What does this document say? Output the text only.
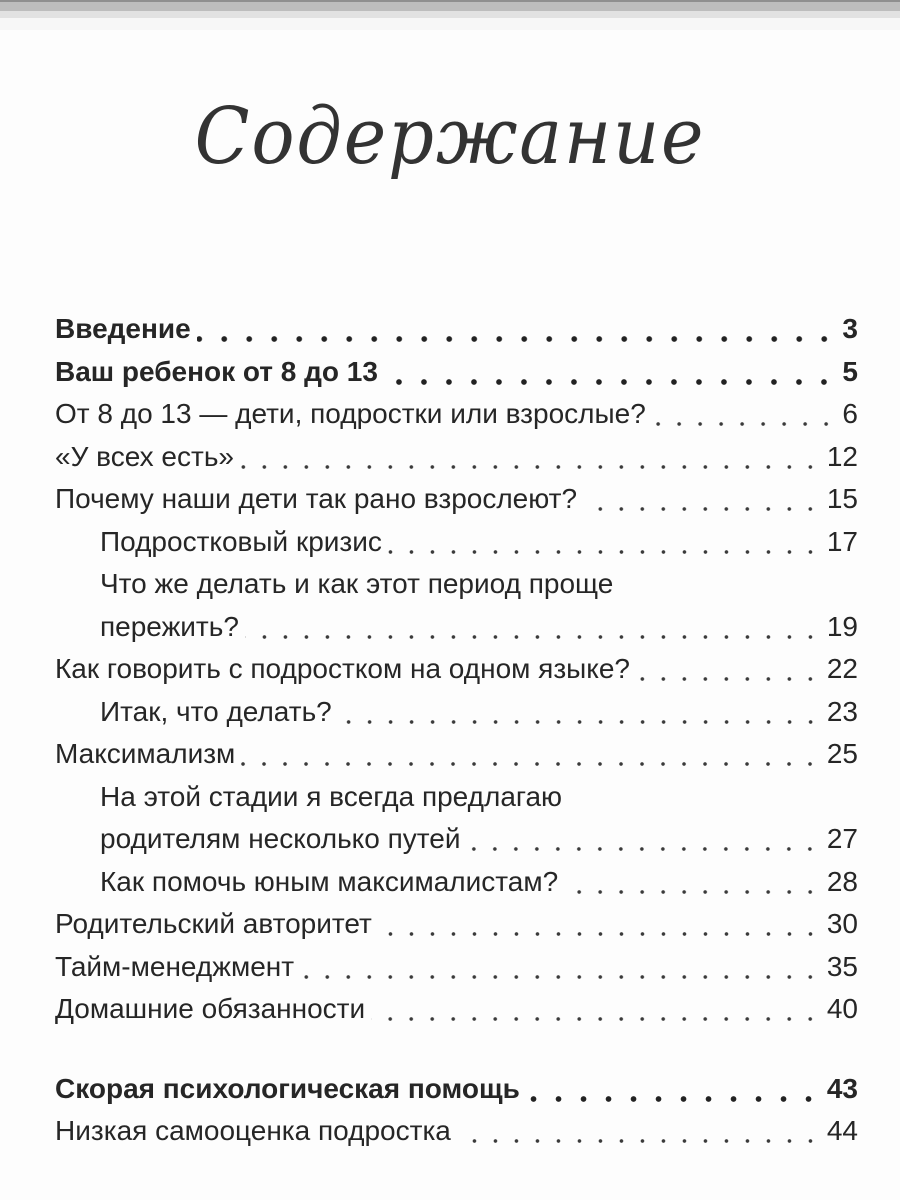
Содержание
Введение	3
Ваш ребенок от 8 до 13	5
От 8 до 13 — дети, подростки или взрослые?	6
«У всех есть»	12
Почему наши дети так рано взрослеют?	15
Подростковый кризис	17
Что же делать и как этот период проще
пережить?	19
Как говорить с подростком на одном языке?	22
Итак, что делать?	23
Максимализм	25
На этой стадии я всегда предлагаю
родителям несколько путей	27
Как помочь юным максималистам?	28
Родительский авторитет	30
Тайм-менеджмент	35
Домашние обязанности	40
Скорая психологическая помощь	43
Низкая самооценка подростка	44
